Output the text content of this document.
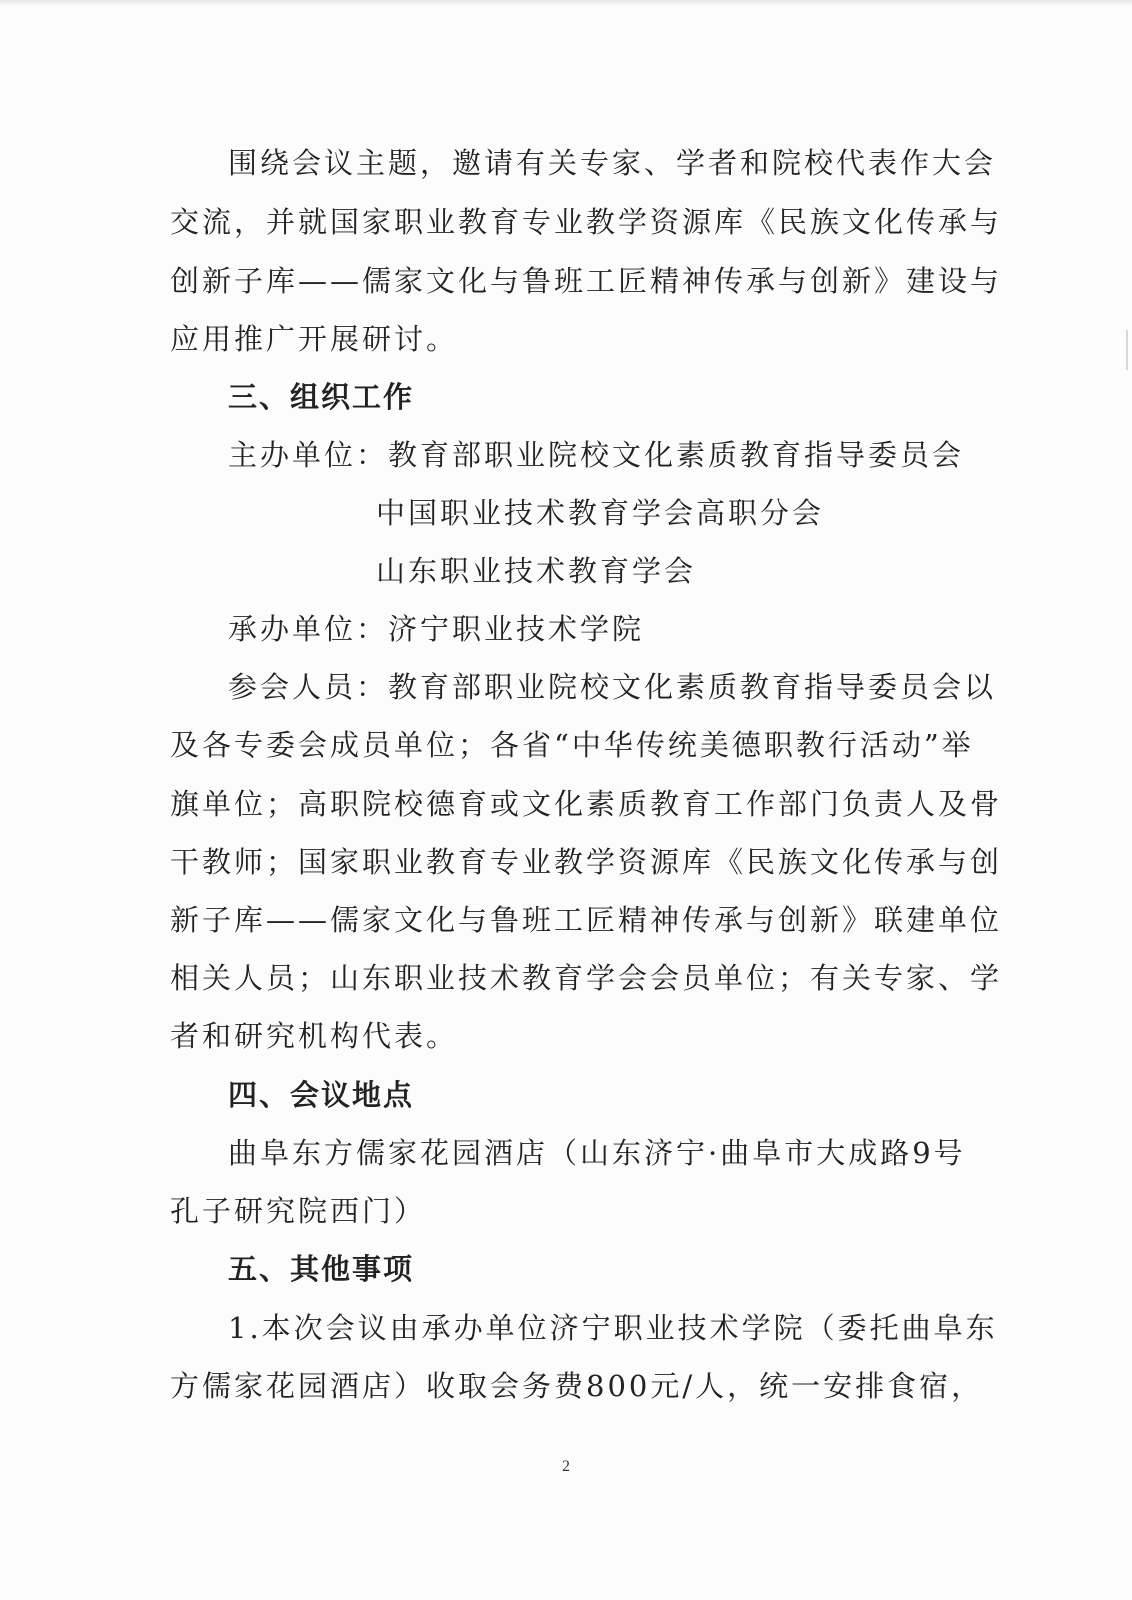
围绕会议主题，邀请有关专家、学者和院校代表作大会
交流，并就国家职业教育专业教学资源库《民族文化传承与
创新子库——儒家文化与鲁班工匠精神传承与创新》建设与
应用推广开展研讨。
三、组织工作
主办单位：教育部职业院校文化素质教育指导委员会
中国职业技术教育学会高职分会
山东职业技术教育学会
承办单位：济宁职业技术学院
参会人员：教育部职业院校文化素质教育指导委员会以
及各专委会成员单位；各省“中华传统美德职教行活动”举
旗单位；高职院校德育或文化素质教育工作部门负责人及骨
干教师；国家职业教育专业教学资源库《民族文化传承与创
新子库——儒家文化与鲁班工匠精神传承与创新》联建单位
相关人员；山东职业技术教育学会会员单位；有关专家、学
者和研究机构代表。
四、会议地点
曲阜东方儒家花园酒店（山东济宁·曲阜市大成路9号
孔子研究院西门）
五、其他事项
1.本次会议由承办单位济宁职业技术学院（委托曲阜东
方儒家花园酒店）收取会务费800元/人，统一安排食宿，
2
